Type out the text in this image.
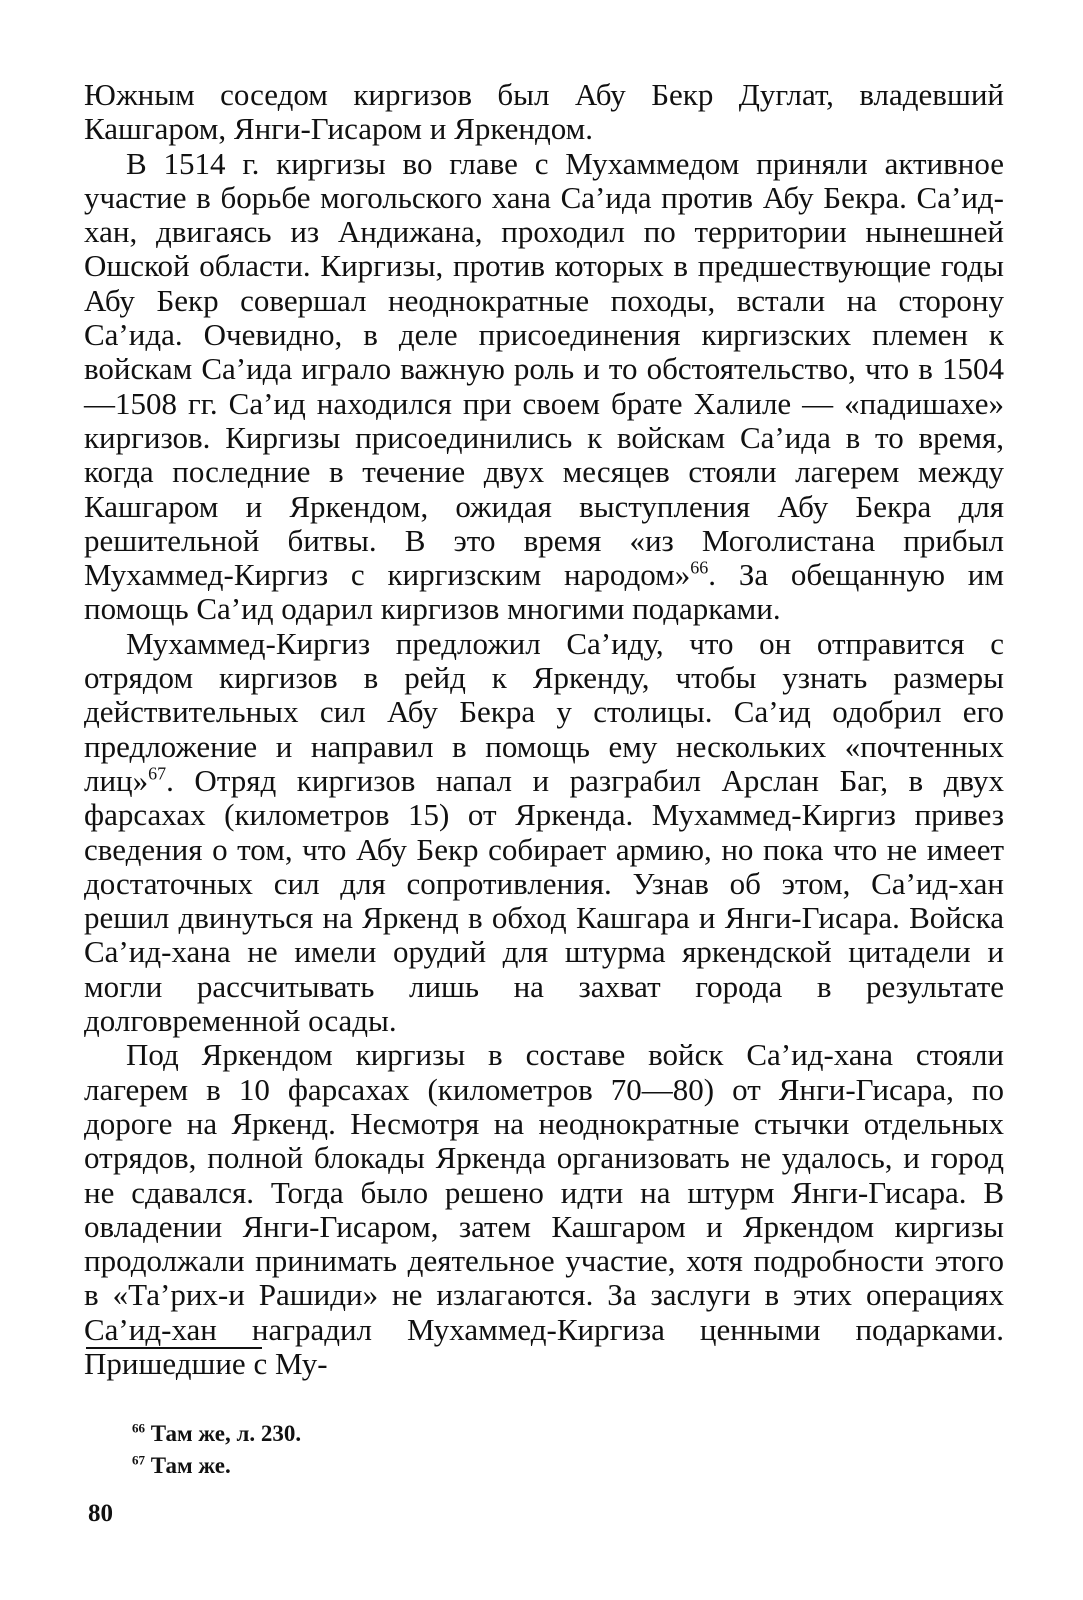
Южным соседом киргизов был Абу Бекр Дуглат, владевший Кашгаром, Янги-Гисаром и Яркендом.

В 1514 г. киргизы во главе с Мухаммедом приняли активное участие в борьбе могольского хана Са’ида против Абу Бекра. Са’ид-хан, двигаясь из Андижана, проходил по территории нынешней Ошской области. Киргизы, против которых в предшествующие годы Абу Бекр совершал неоднократные походы, встали на сторону Са’ида. Очевидно, в деле присоединения киргизских племен к войскам Са’ида играло важную роль и то обстоятельство, что в 1504—1508 гг. Са’ид находился при своем брате Халиле — «падишахе» киргизов. Киргизы присоединились к войскам Са’ида в то время, когда последние в течение двух месяцев стояли лагерем между Кашгаром и Яркендом, ожидая выступления Абу Бекра для решительной битвы. В это время «из Моголистана прибыл Мухаммед-Киргиз с киргизским народом»$^{66}$. За обещанную им помощь Са’ид одарил киргизов многими подарками.

Мухаммед-Киргиз предложил Са’иду, что он отправится с отрядом киргизов в рейд к Яркенду, чтобы узнать размеры действительных сил Абу Бекра у столицы. Са’ид одобрил его предложение и направил в помощь ему нескольких «почтенных лиц»$^{67}$. Отряд киргизов напал и разграбил Арслан Баг, в двух фарсахах (километров 15) от Яркенда. Мухаммед-Киргиз привез сведения о том, что Абу Бекр собирает армию, но пока что не имеет достаточных сил для сопротивления. Узнав об этом, Са’ид-хан решил двинуться на Яркенд в обход Кашгара и Янги-Гисара. Войска Са’ид-хана не имели орудий для штурма яркендской цитадели и могли рассчитывать лишь на захват города в результате долговременной осады.

Под Яркендом киргизы в составе войск Са’ид-хана стояли лагерем в 10 фарсахах (километров 70—80) от Янги-Гисара, по дороге на Яркенд. Несмотря на неоднократные стычки отдельных отрядов, полной блокады Яркенда организовать не удалось, и город не сдавался. Тогда было решено идти на штурм Янги-Гисара. В овладении Янги-Гисаром, затем Кашгаром и Яркендом киргизы продолжали принимать деятельное участие, хотя подробности этого в «Та’рих-и Рашиди» не излагаются. За заслуги в этих операциях Са’ид-хан наградил Мухаммед-Киргиза ценными подарками. Пришедшие с Му-

$^{66}$ Там же, л. 230.
$^{67}$ Там же.
80
